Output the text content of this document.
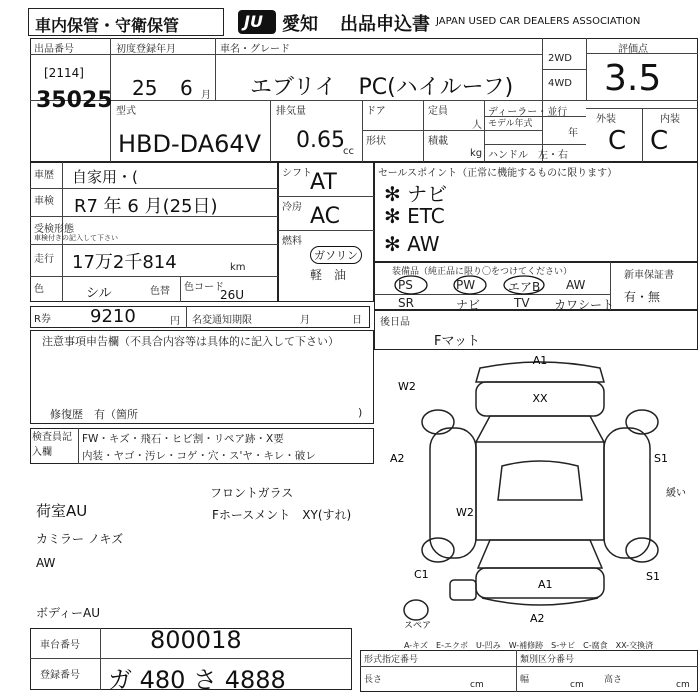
車内保管・守衛保管	JU 愛知 出品申込書 JAPAN USED CAR DEALERS ASSOCIATION
出品番号
[2114]
35025
初度登録年月
25 6 月
車名・グレード
エブリイ　PC(ハイルーフ)
2WD
4WD
評価点
3.5
外装	内装
C C
型式
HBD-DA64V
排気量
0.65
cc
ドア
形状
定員
人
積載
kg
ディーラー・並行
モデル年式
年
ハンドル　左・右
車歴 自家用・(
車検 R7 年 6 月(25日)
受検形態
車検付きの記入して下さい
走行 17万2千814	km
色	シル	色替 色コード
26U
R券 9210	円 名変通知期限	月	日
シフト
AT
冷房 AC
燃料
ガソリン
軽　油
セールスポイント（正常に機能するものに限ります）
✻ ナビ
✻ ETC
✻ AW
装備品（純正品に限り〇をつけてください）	新車保証書
有・無
PS	PW	エアB AW
SR	ナビ	TV カワシート
注意事項申告欄（不具合内容等は具体的に記入して下さい）
修復歴　有（箇所	)
検査員記入欄
FW・キズ・飛石・ヒビ割・リペア跡・X要
内装・ヤゴ・汚レ・コゲ・穴・ス'ヤ・キレ・破レ
後日品
Fマット
荷室AU
カミラー ノキズ
AW
ボディーAU
フロントガラス
Fホースメント　XY(すれ)
A1
XX
W2
A2	S1
緩い
W2
C1
A1
S1
A2
スペア
A-キズ　E-エクボ　U-凹み　W-補修跡　S-サビ　C-腐食　XX-交換済
車台番号	800018
登録番号 ガ 480 さ 4888
形式指定番号	類別区分番号
長さ	cm	幅	cm 高さ	cm
